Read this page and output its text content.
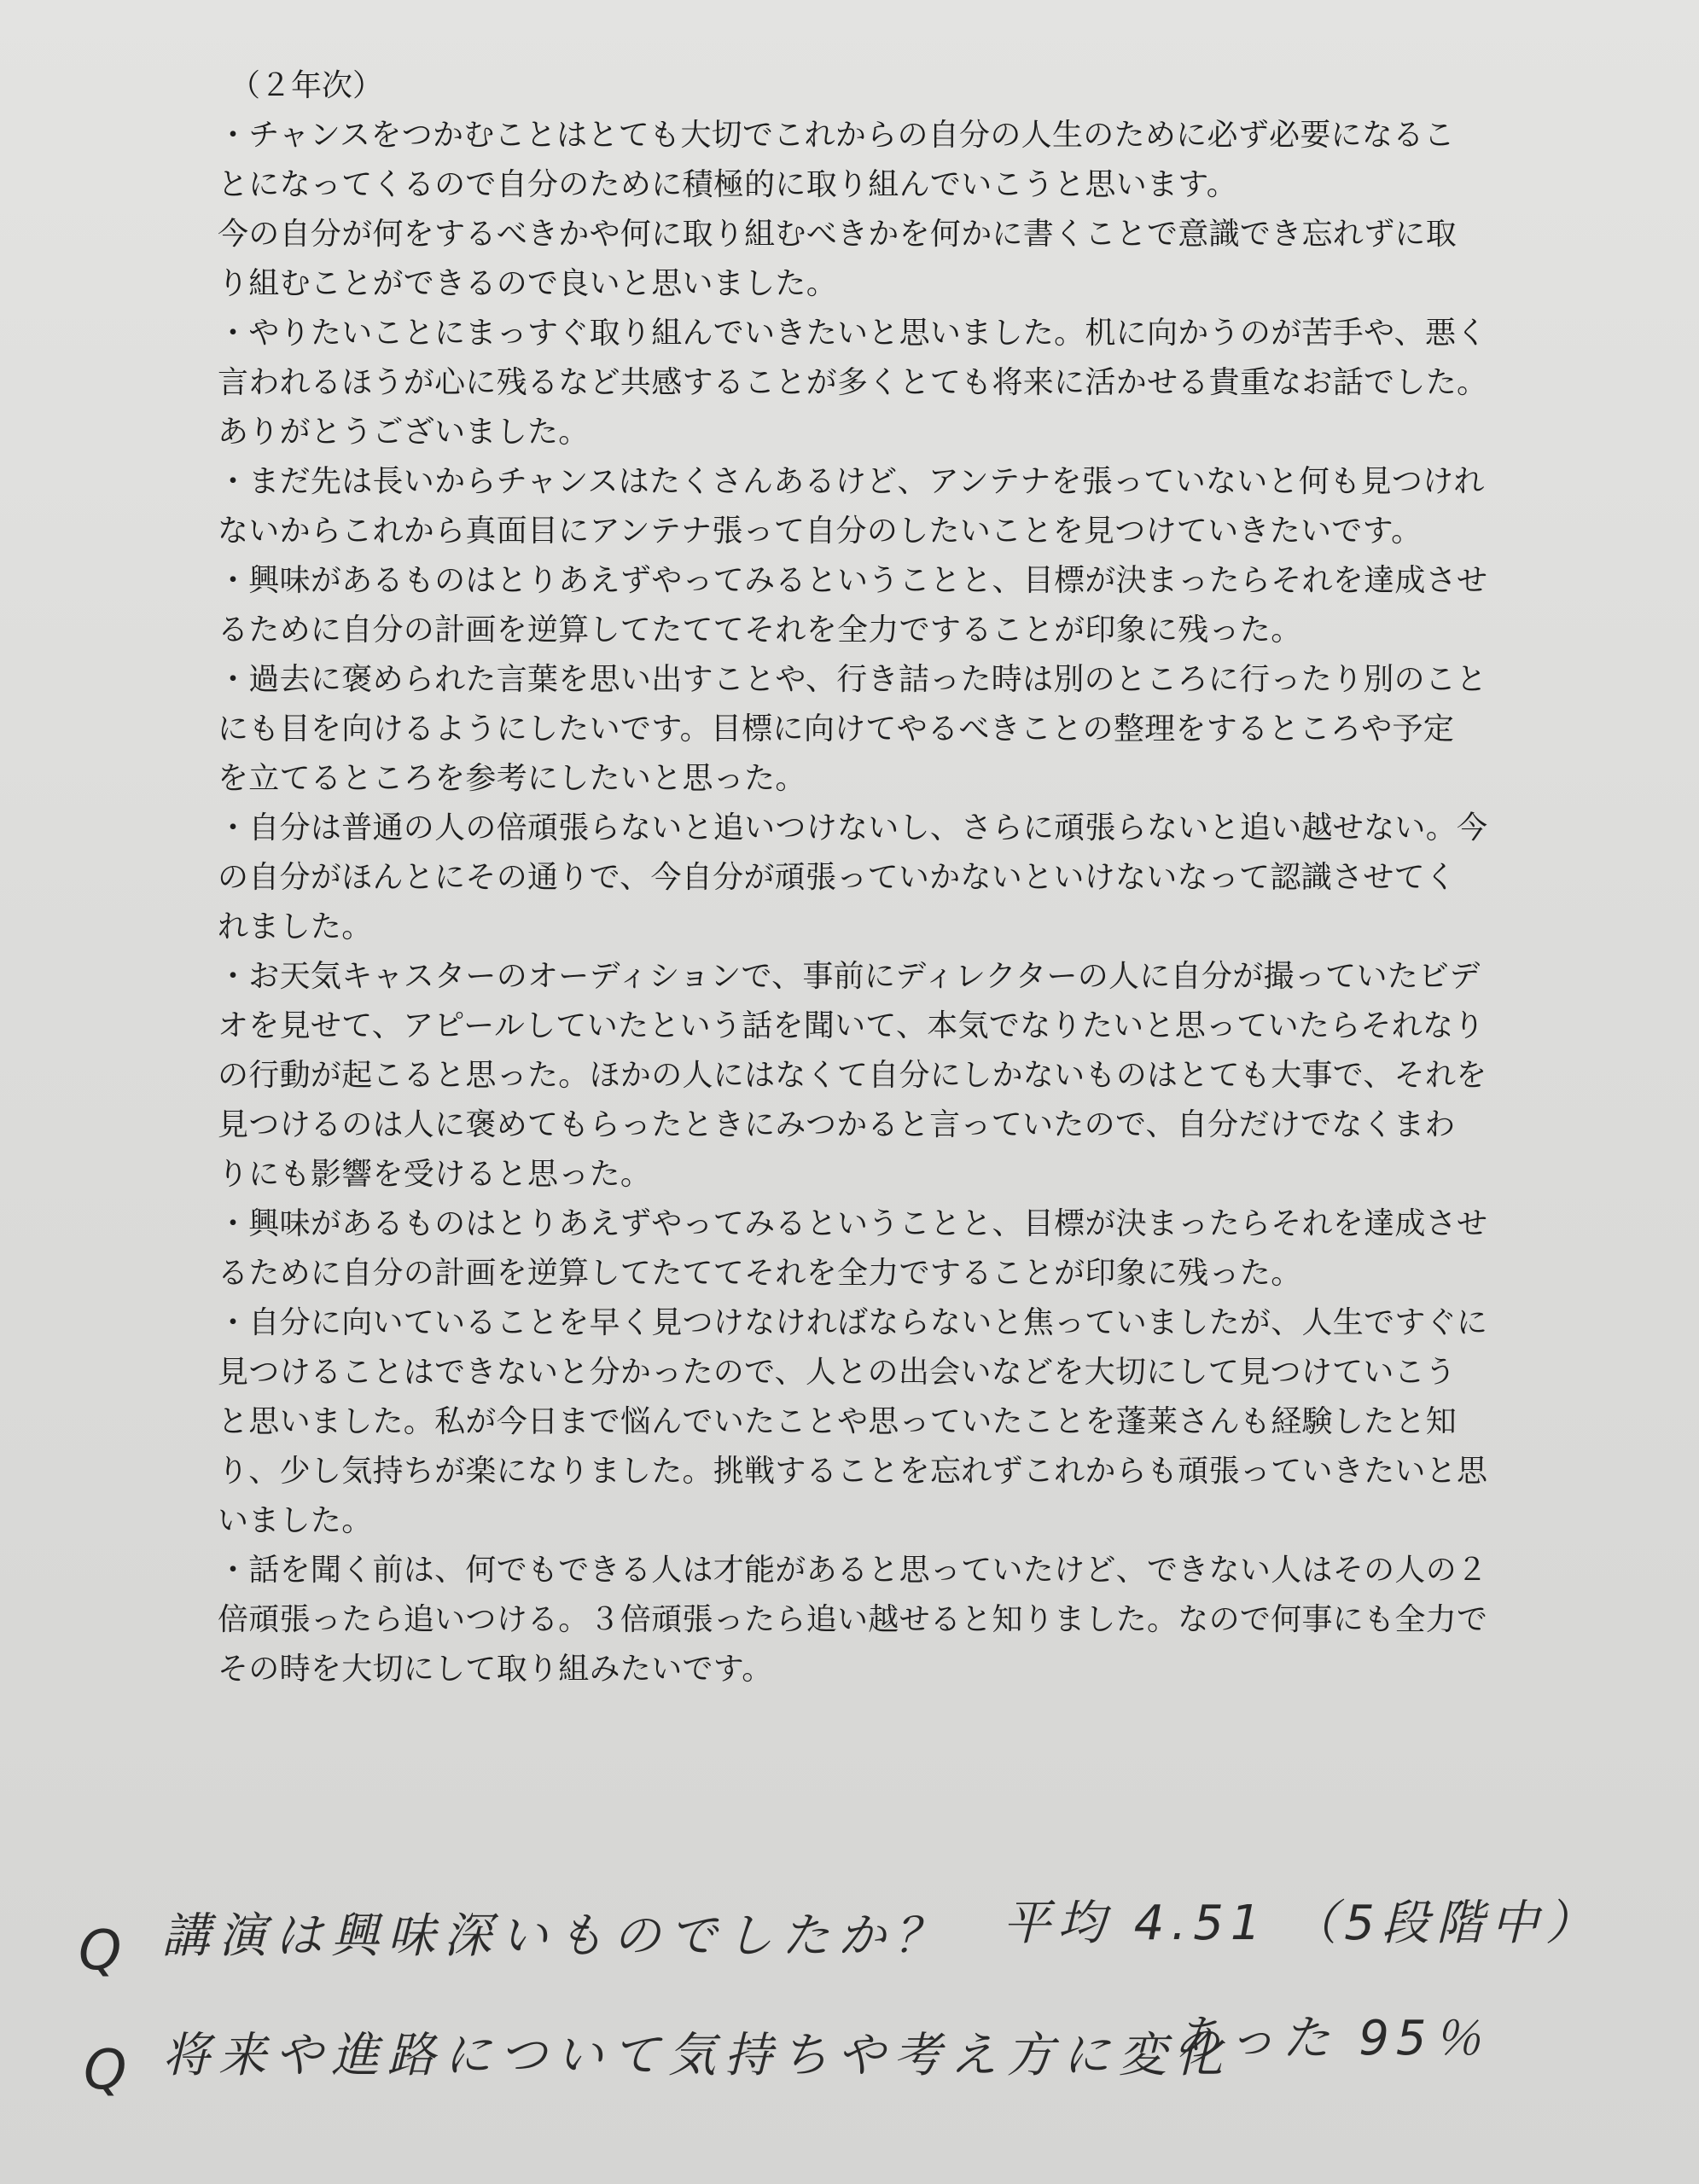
（２年次）
・チャンスをつかむことはとても大切でこれからの自分の人生のために必ず必要になるこ
とになってくるので自分のために積極的に取り組んでいこうと思います。
今の自分が何をするべきかや何に取り組むべきかを何かに書くことで意識でき忘れずに取
り組むことができるので良いと思いました。
・やりたいことにまっすぐ取り組んでいきたいと思いました。机に向かうのが苦手や、悪く
言われるほうが心に残るなど共感することが多くとても将来に活かせる貴重なお話でした。
ありがとうございました。
・まだ先は長いからチャンスはたくさんあるけど、アンテナを張っていないと何も見つけれ
ないからこれから真面目にアンテナ張って自分のしたいことを見つけていきたいです。
・興味があるものはとりあえずやってみるということと、目標が決まったらそれを達成させ
るために自分の計画を逆算してたててそれを全力ですることが印象に残った。
・過去に褒められた言葉を思い出すことや、行き詰った時は別のところに行ったり別のこと
にも目を向けるようにしたいです。目標に向けてやるべきことの整理をするところや予定
を立てるところを参考にしたいと思った。
・自分は普通の人の倍頑張らないと追いつけないし、さらに頑張らないと追い越せない。今
の自分がほんとにその通りで、今自分が頑張っていかないといけないなって認識させてく
れました。
・お天気キャスターのオーディションで、事前にディレクターの人に自分が撮っていたビデ
オを見せて、アピールしていたという話を聞いて、本気でなりたいと思っていたらそれなり
の行動が起こると思った。ほかの人にはなくて自分にしかないものはとても大事で、それを
見つけるのは人に褒めてもらったときにみつかると言っていたので、自分だけでなくまわ
りにも影響を受けると思った。
・興味があるものはとりあえずやってみるということと、目標が決まったらそれを達成させ
るために自分の計画を逆算してたててそれを全力ですることが印象に残った。
・自分に向いていることを早く見つけなければならないと焦っていましたが、人生ですぐに
見つけることはできないと分かったので、人との出会いなどを大切にして見つけていこう
と思いました。私が今日まで悩んでいたことや思っていたことを蓬莱さんも経験したと知
り、少し気持ちが楽になりました。挑戦することを忘れずこれからも頑張っていきたいと思
いました。
・話を聞く前は、何でもできる人は才能があると思っていたけど、できない人はその人の２
倍頑張ったら追いつける。３倍頑張ったら追い越せると知りました。なので何事にも全力で
その時を大切にして取り組みたいです。
Q 講演は興味深いものでしたか？ 平均 4.51 （5段階中）
Q 将来や進路について気持ちや考え方に変化
あった 95％
